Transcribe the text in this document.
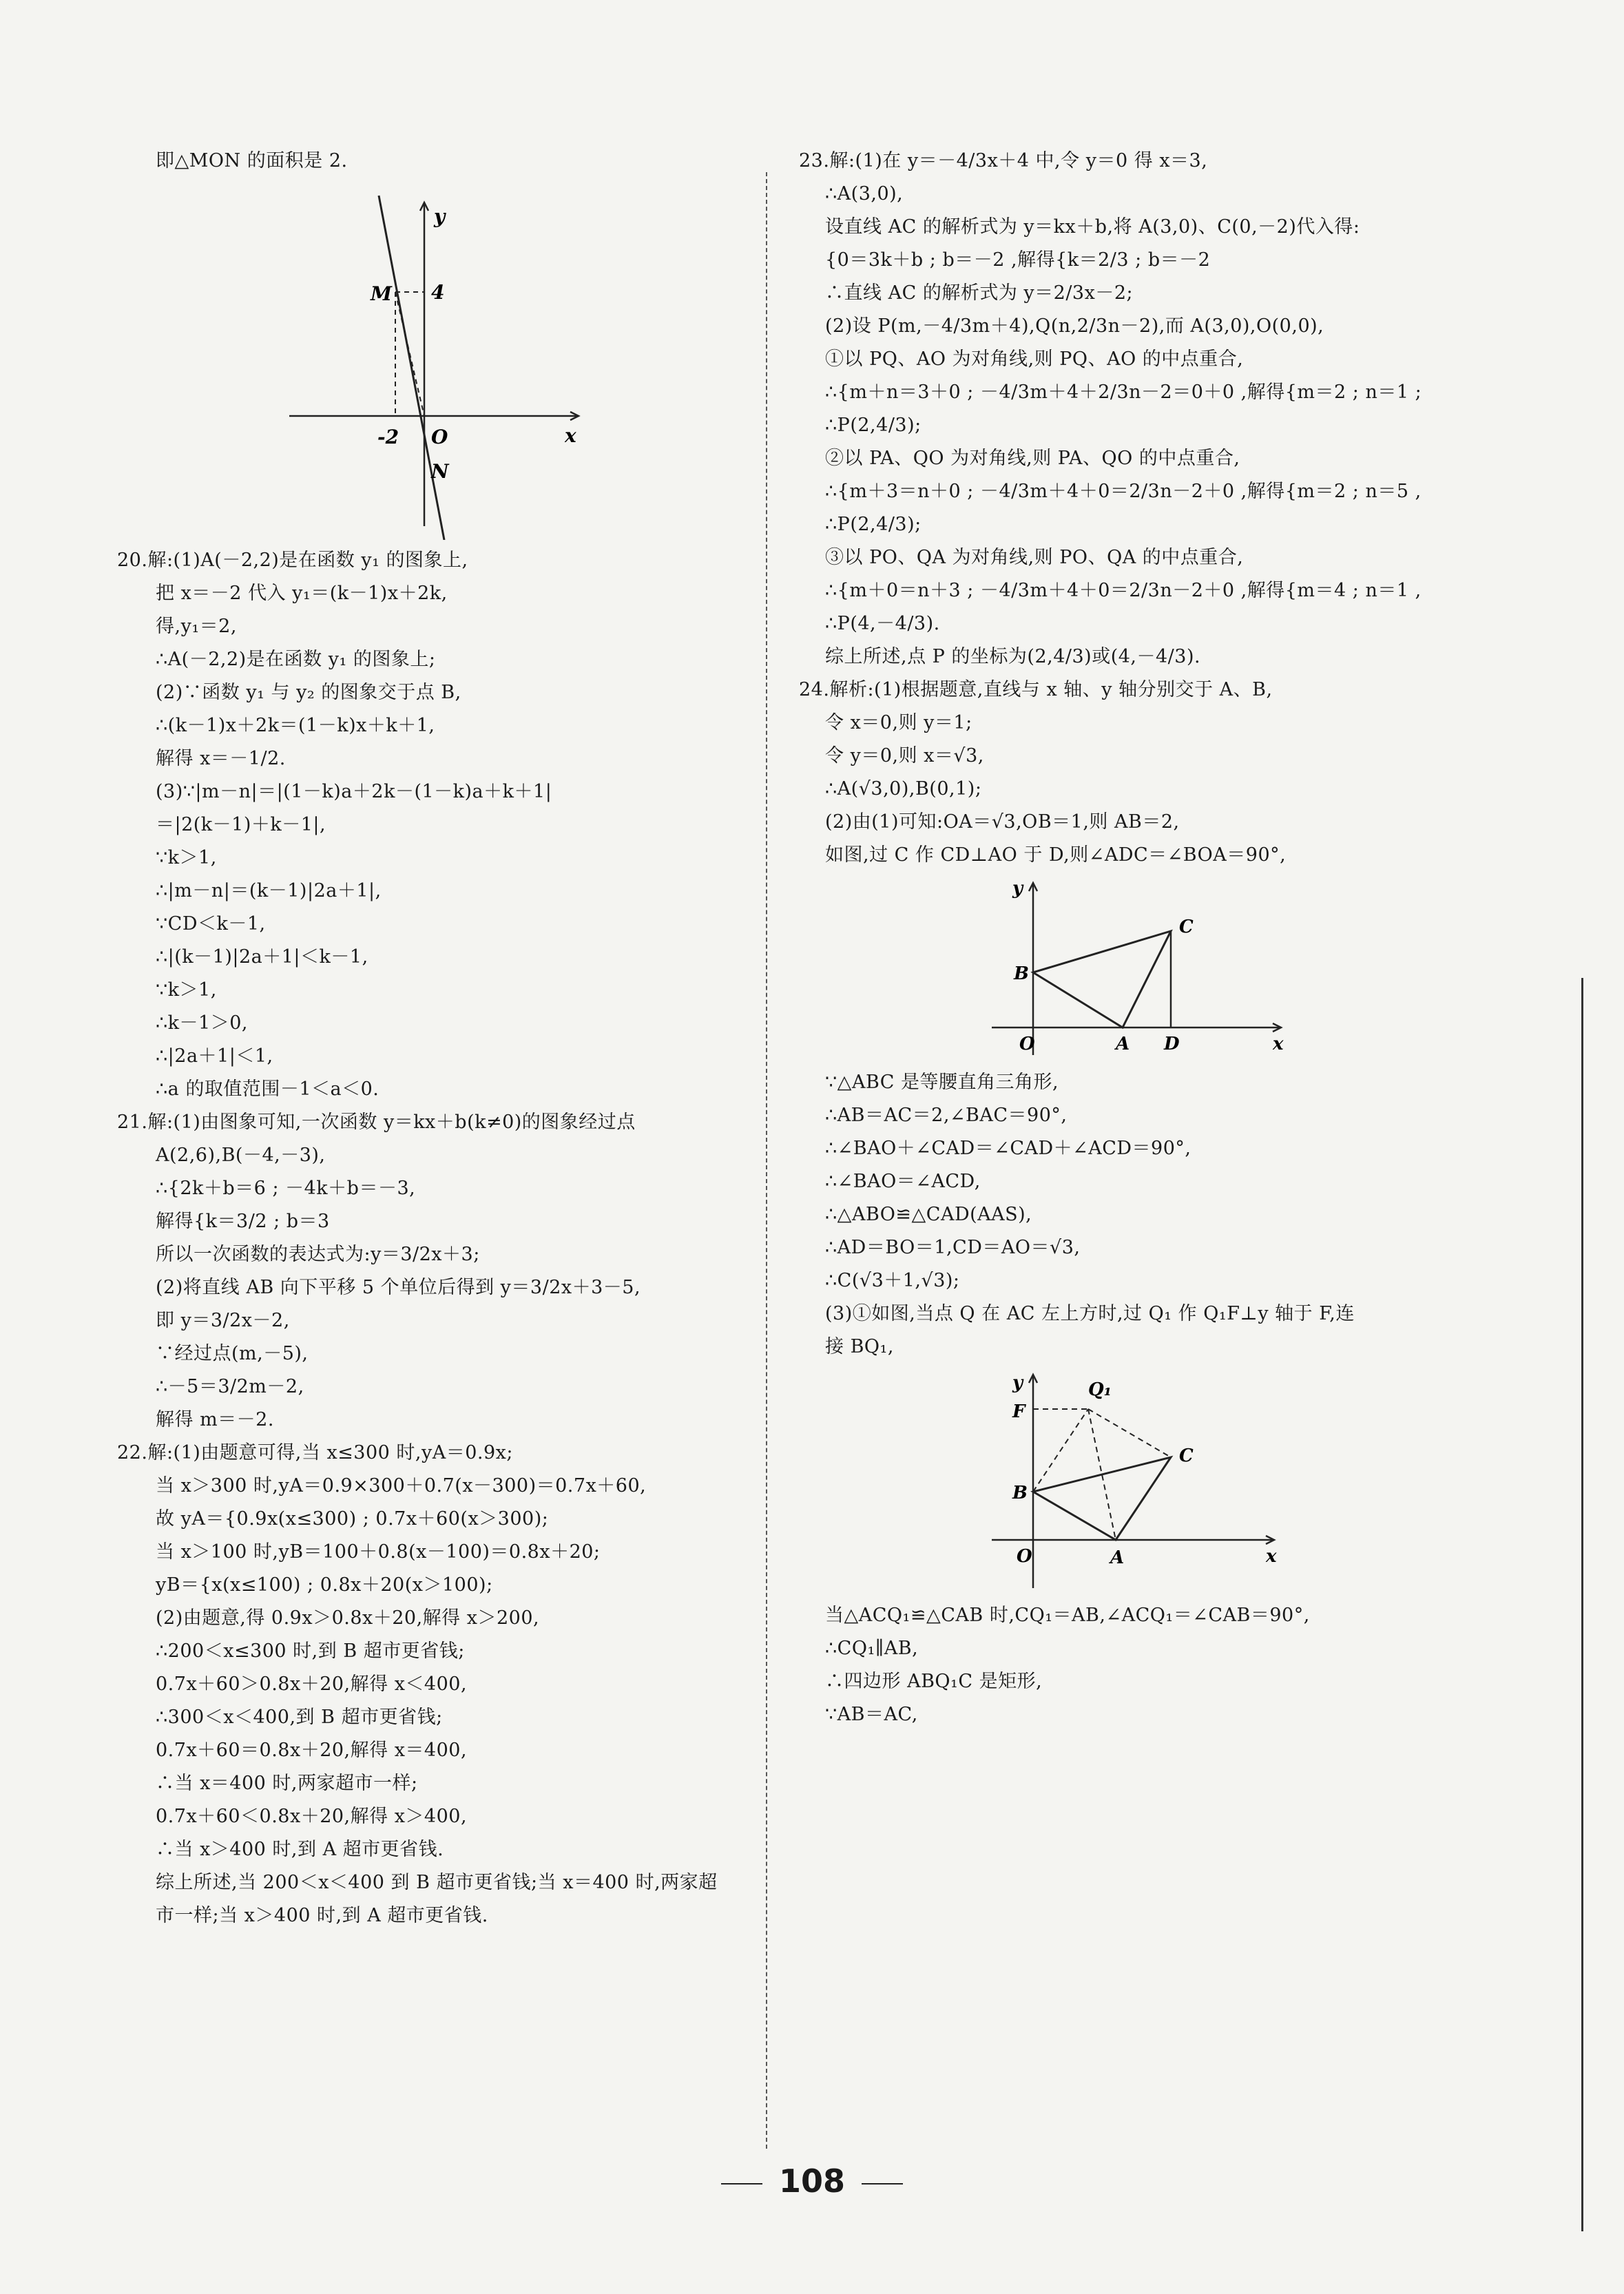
即△MON 的面积是 2.
y
M 4
-2 O	x
N
20.解:(1)A(－2,2)是在函数 y₁ 的图象上,
把 x＝－2 代入 y₁＝(k－1)x＋2k,
得,y₁＝2,
∴A(－2,2)是在函数 y₁ 的图象上;
(2)∵函数 y₁ 与 y₂ 的图象交于点 B,
∴(k－1)x＋2k＝(1－k)x＋k＋1,
解得 x＝－1/2.
(3)∵|m－n|＝|(1－k)a＋2k－(1－k)a＋k＋1|
＝|2(k－1)＋k－1|,
∵k＞1,
∴|m－n|＝(k－1)|2a＋1|,
∵CD＜k－1,
∴|(k－1)|2a＋1|＜k－1,
∵k＞1,
∴k－1＞0,
∴|2a＋1|＜1,
∴a 的取值范围－1＜a＜0.
21.解:(1)由图象可知,一次函数 y＝kx＋b(k≠0)的图象经过点
A(2,6),B(－4,－3),
∴{2k＋b＝6 ; －4k＋b＝－3,
解得{k＝3/2 ; b＝3
所以一次函数的表达式为:y＝3/2x＋3;
(2)将直线 AB 向下平移 5 个单位后得到 y＝3/2x＋3－5,
即 y＝3/2x－2,
∵经过点(m,－5),
∴－5＝3/2m－2,
解得 m＝－2.
22.解:(1)由题意可得,当 x≤300 时,yA＝0.9x;
当 x＞300 时,yA＝0.9×300＋0.7(x－300)＝0.7x＋60,
故 yA＝{0.9x(x≤300) ; 0.7x＋60(x＞300);
当 x＞100 时,yB＝100＋0.8(x－100)＝0.8x＋20;
yB＝{x(x≤100) ; 0.8x＋20(x＞100);
(2)由题意,得 0.9x＞0.8x＋20,解得 x＞200,
∴200＜x≤300 时,到 B 超市更省钱;
0.7x＋60＞0.8x＋20,解得 x＜400,
∴300＜x＜400,到 B 超市更省钱;
0.7x＋60＝0.8x＋20,解得 x＝400,
∴当 x＝400 时,两家超市一样;
0.7x＋60＜0.8x＋20,解得 x＞400,
∴当 x＞400 时,到 A 超市更省钱.
综上所述,当 200＜x＜400 到 B 超市更省钱;当 x＝400 时,两家超
市一样;当 x＞400 时,到 A 超市更省钱.
23.解:(1)在 y＝－4/3x＋4 中,令 y＝0 得 x＝3,
∴A(3,0),
设直线 AC 的解析式为 y＝kx＋b,将 A(3,0)、C(0,－2)代入得:
{0＝3k＋b ; b＝－2 ,解得{k＝2/3 ; b＝－2
∴直线 AC 的解析式为 y＝2/3x－2;
(2)设 P(m,－4/3m＋4),Q(n,2/3n－2),而 A(3,0),O(0,0),
①以 PQ、AO 为对角线,则 PQ、AO 的中点重合,
∴{m＋n＝3＋0 ; －4/3m＋4＋2/3n－2＝0＋0 ,解得{m＝2 ; n＝1 ;
∴P(2,4/3);
②以 PA、QO 为对角线,则 PA、QO 的中点重合,
∴{m＋3＝n＋0 ; －4/3m＋4＋0＝2/3n－2＋0 ,解得{m＝2 ; n＝5 ,
∴P(2,4/3);
③以 PO、QA 为对角线,则 PO、QA 的中点重合,
∴{m＋0＝n＋3 ; －4/3m＋4＋0＝2/3n－2＋0 ,解得{m＝4 ; n＝1 ,
∴P(4,－4/3).
综上所述,点 P 的坐标为(2,4/3)或(4,－4/3).
24.解析:(1)根据题意,直线与 x 轴、y 轴分别交于 A、B,
令 x＝0,则 y＝1;
令 y＝0,则 x＝√3,
∴A(√3,0),B(0,1);
(2)由(1)可知:OA＝√3,OB＝1,则 AB＝2,
如图,过 C 作 CD⊥AO 于 D,则∠ADC＝∠BOA＝90°,
y
C
B
O	A D	x
∵△ABC 是等腰直角三角形,
∴AB＝AC＝2,∠BAC＝90°,
∴∠BAO＋∠CAD＝∠CAD＋∠ACD＝90°,
∴∠BAO＝∠ACD,
∴△ABO≌△CAD(AAS),
∴AD＝BO＝1,CD＝AO＝√3,
∴C(√3＋1,√3);
(3)①如图,当点 Q 在 AC 左上方时,过 Q₁ 作 Q₁F⊥y 轴于 F,连
接 BQ₁,
y	Q₁
F
C
B
O	A	x
当△ACQ₁≌△CAB 时,CQ₁＝AB,∠ACQ₁＝∠CAB＝90°,
∴CQ₁∥AB,
∴四边形 ABQ₁C 是矩形,
∵AB＝AC,
108
